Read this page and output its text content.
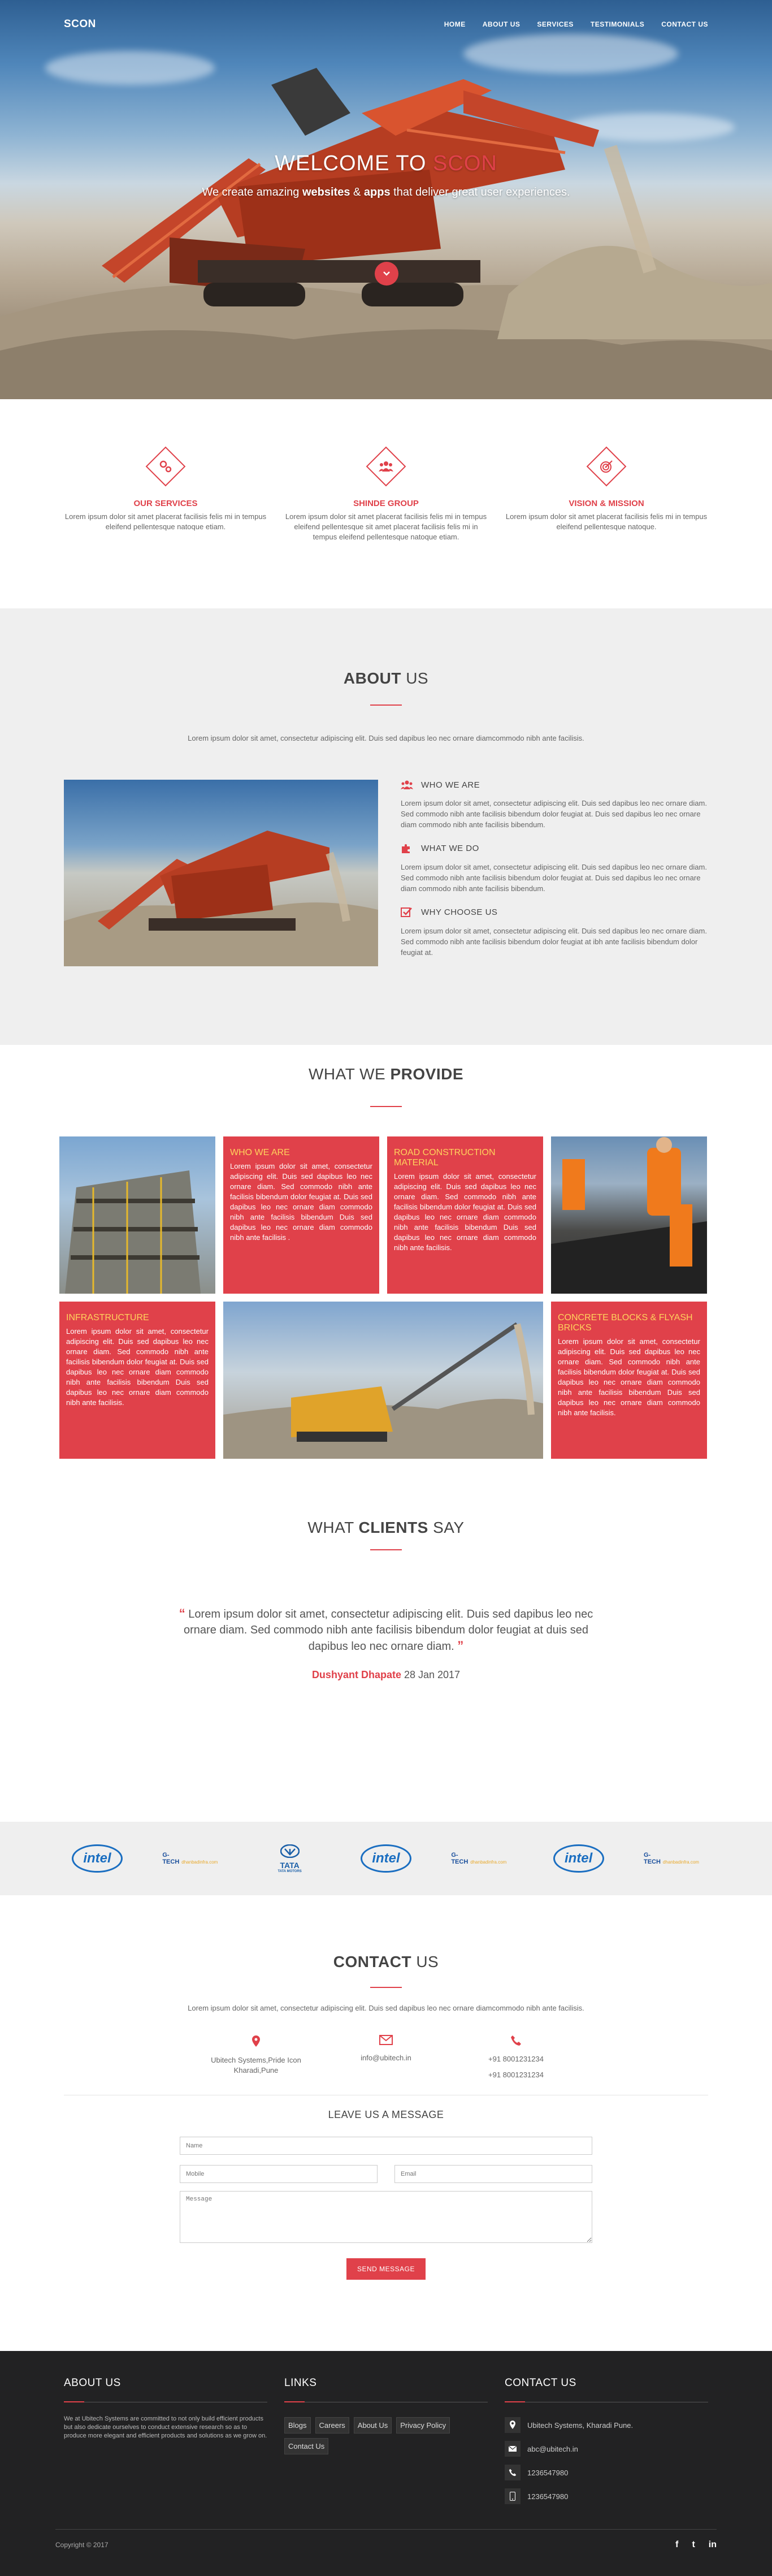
SCON	HOME	ABOUT US	SERVICES	TESTIMONIALS	CONTACT US
WELCOME TO SCON

We create amazing websites & apps that deliver great user experiences.

OUR SERVICES

Lorem ipsum dolor sit amet placerat facilisis felis mi in tempus eleifend pellentesque natoque etiam.

SHINDE GROUP

Lorem ipsum dolor sit amet placerat facilisis felis mi in tempus eleifend pellentesque sit amet placerat facilisis felis mi in tempus eleifend pellentesque natoque etiam.

VISION & MISSION

Lorem ipsum dolor sit amet placerat facilisis felis mi in tempus eleifend pellentesque natoque.

ABOUT US

Lorem ipsum dolor sit amet, consectetur adipiscing elit. Duis sed dapibus leo nec ornare diamcommodo nibh ante facilisis.

WHO WE ARE

Lorem ipsum dolor sit amet, consectetur adipiscing elit. Duis sed dapibus leo nec ornare diam. Sed commodo nibh ante facilisis bibendum dolor feugiat at. Duis sed dapibus leo nec ornare diam commodo nibh ante facilisis bibendum.

WHAT WE DO

Lorem ipsum dolor sit amet, consectetur adipiscing elit. Duis sed dapibus leo nec ornare diam. Sed commodo nibh ante facilisis bibendum dolor feugiat at. Duis sed dapibus leo nec ornare diam commodo nibh ante facilisis bibendum.

WHY CHOOSE US

Lorem ipsum dolor sit amet, consectetur adipiscing elit. Duis sed dapibus leo nec ornare diam. Sed commodo nibh ante facilisis bibendum dolor feugiat at ibh ante facilisis bibendum dolor feugiat at.

WHAT WE PROVIDE
WHO WE ARE

Lorem ipsum dolor sit amet, consectetur adipiscing elit. Duis sed dapibus leo nec ornare diam. Sed commodo nibh ante facilisis bibendum dolor feugiat at. Duis sed dapibus leo nec ornare diam commodo nibh ante facilisis bibendum Duis sed dapibus leo nec ornare diam commodo nibh ante facilisis .

ROAD CONSTRUCTION MATERIAL

Lorem ipsum dolor sit amet, consectetur adipiscing elit. Duis sed dapibus leo nec ornare diam. Sed commodo nibh ante facilisis bibendum dolor feugiat at. Duis sed dapibus leo nec ornare diam commodo nibh ante facilisis bibendum Duis sed dapibus leo nec ornare diam commodo nibh ante facilisis.

INFRASTRUCTURE

Lorem ipsum dolor sit amet, consectetur adipiscing elit. Duis sed dapibus leo nec ornare diam. Sed commodo nibh ante facilisis bibendum dolor feugiat at. Duis sed dapibus leo nec ornare diam commodo nibh ante facilisis bibendum Duis sed dapibus leo nec ornare diam commodo nibh ante facilisis.

CONCRETE BLOCKS & FLYASH BRICKS

Lorem ipsum dolor sit amet, consectetur adipiscing elit. Duis sed dapibus leo nec ornare diam. Sed commodo nibh ante facilisis bibendum dolor feugiat at. Duis sed dapibus leo nec ornare diam commodo nibh ante facilisis bibendum Duis sed dapibus leo nec ornare diam commodo nibh ante facilisis.

WHAT CLIENTS SAY

“ Lorem ipsum dolor sit amet, consectetur adipiscing elit. Duis sed dapibus leo nec ornare diam. Sed commodo nibh ante facilisis bibendum dolor feugiat at duis sed dapibus leo nec ornare diam. ”

Dushyant Dhapate 28 Jan 2017

intel	G-TECH dhanbadinfra.com	TATA
TATA MOTORS
intel	G-TECH dhanbadinfra.com	intel	G-TECH dhanbadinfra.com
CONTACT US

Lorem ipsum dolor sit amet, consectetur adipiscing elit. Duis sed dapibus leo nec ornare diamcommodo nibh ante facilisis.

Ubitech Systems,Pride Icon
Kharadi,Pune
info@ubitech.in	+91 8001231234
+91 8001231234

LEAVE US A MESSAGE

Name
Mobile
Email
Message
SEND MESSAGE
ABOUT US

We at Ubitech Systems are committed to not only build efficient products but also dedicate ourselves to conduct extensive research so as to produce more elegant and efficient products and solutions as we grow on.

LINKS
Blogs	Careers	About Us	Privacy Policy
Contact Us
CONTACT US
Ubitech Systems, Kharadi Pune.
abc@ubitech.in
1236547980
1236547980
Copyright © 2017	f t in
